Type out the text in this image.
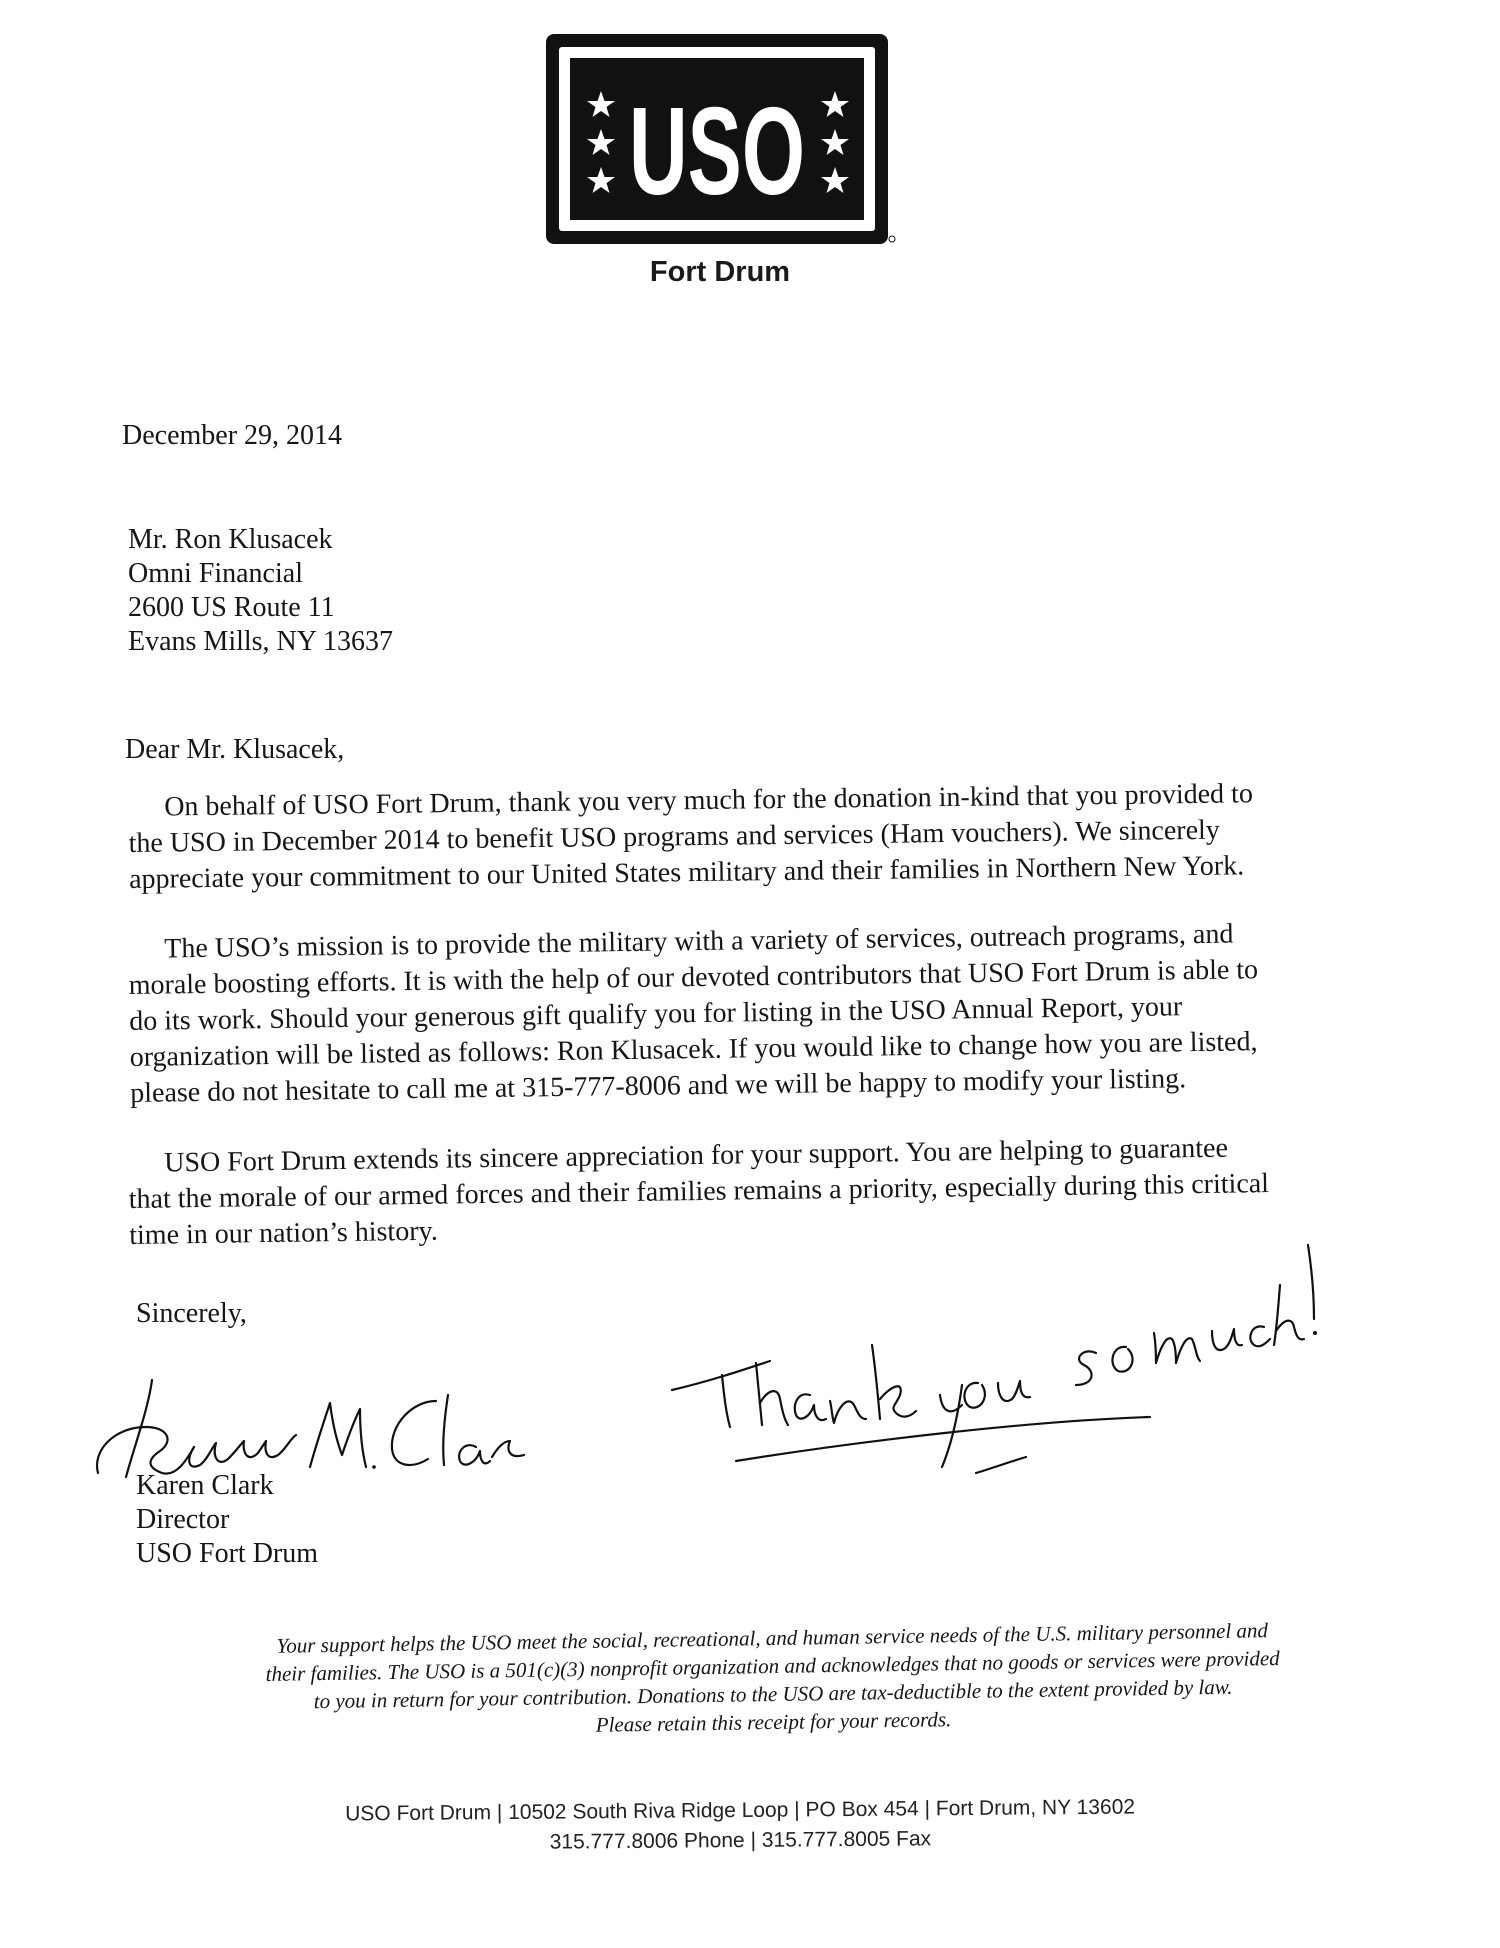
USO
Fort Drum
December 29, 2014
Mr. Ron Klusacek
Omni Financial
2600 US Route 11
Evans Mills, NY 13637
Dear Mr. Klusacek,
On behalf of USO Fort Drum, thank you very much for the donation in-kind that you provided to
the USO in December 2014 to benefit USO programs and services (Ham vouchers). We sincerely
appreciate your commitment to our United States military and their families in Northern New York.
The USO’s mission is to provide the military with a variety of services, outreach programs, and
morale boosting efforts. It is with the help of our devoted contributors that USO Fort Drum is able to
do its work. Should your generous gift qualify you for listing in the USO Annual Report, your
organization will be listed as follows: Ron Klusacek. If you would like to change how you are listed,
please do not hesitate to call me at 315-777-8006 and we will be happy to modify your listing.
USO Fort Drum extends its sincere appreciation for your support. You are helping to guarantee
that the morale of our armed forces and their families remains a priority, especially during this critical
time in our nation’s history.
Sincerely,
Karen Clark
Director
USO Fort Drum
Your support helps the USO meet the social, recreational, and human service needs of the U.S. military personnel and
their families. The USO is a 501(c)(3) nonprofit organization and acknowledges that no goods or services were provided
to you in return for your contribution. Donations to the USO are tax-deductible to the extent provided by law.
Please retain this receipt for your records.
USO Fort Drum | 10502 South Riva Ridge Loop | PO Box 454 | Fort Drum, NY 13602
315.777.8006 Phone | 315.777.8005 Fax
